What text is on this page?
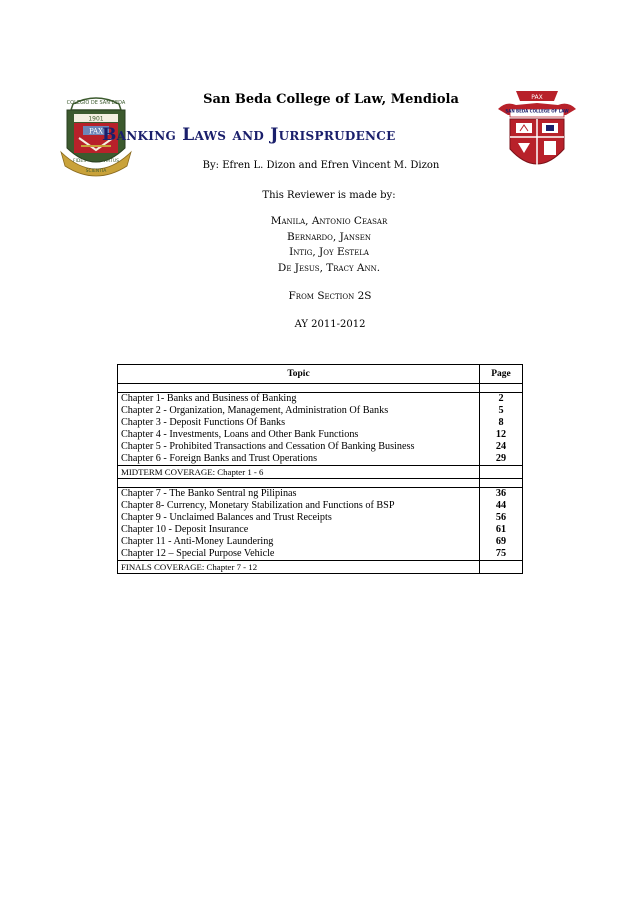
COLEGIO DE SAN BEDA
1901
PAX
FIDES
SCIENTIA
VIRTUS
PAX
SAN BEDA COLLEGE OF LAW
San Beda College of Law, Mendiola
Banking Laws and Jurisprudence
By: Efren L. Dizon and Efren Vincent M. Dizon
This Reviewer is made by:
Manila, Antonio Ceasar
Bernardo, Jansen
Intig, Joy Estela
De Jesus, Tracy Ann.
From Section 2S
AY 2011-2012
Topic	Page

Chapter 1- Banks and Business of Banking	2
Chapter 2 - Organization, Management, Administration Of Banks	5
Chapter 3 - Deposit Functions Of Banks	8
Chapter 4 - Investments, Loans and Other Bank Functions	12
Chapter 5 - Prohibited Transactions and Cessation Of Banking Business	24
Chapter 6 - Foreign Banks and Trust Operations	29
MIDTERM COVERAGE: Chapter 1 - 6	

Chapter 7 - The Banko Sentral ng Pilipinas	36
Chapter 8- Currency, Monetary Stabilization and Functions of BSP	44
Chapter 9 - Unclaimed Balances and Trust Receipts	56
Chapter 10 - Deposit Insurance	61
Chapter 11 - Anti-Money Laundering	69
Chapter 12 – Special Purpose Vehicle	75
FINALS COVERAGE: Chapter 7 - 12	
